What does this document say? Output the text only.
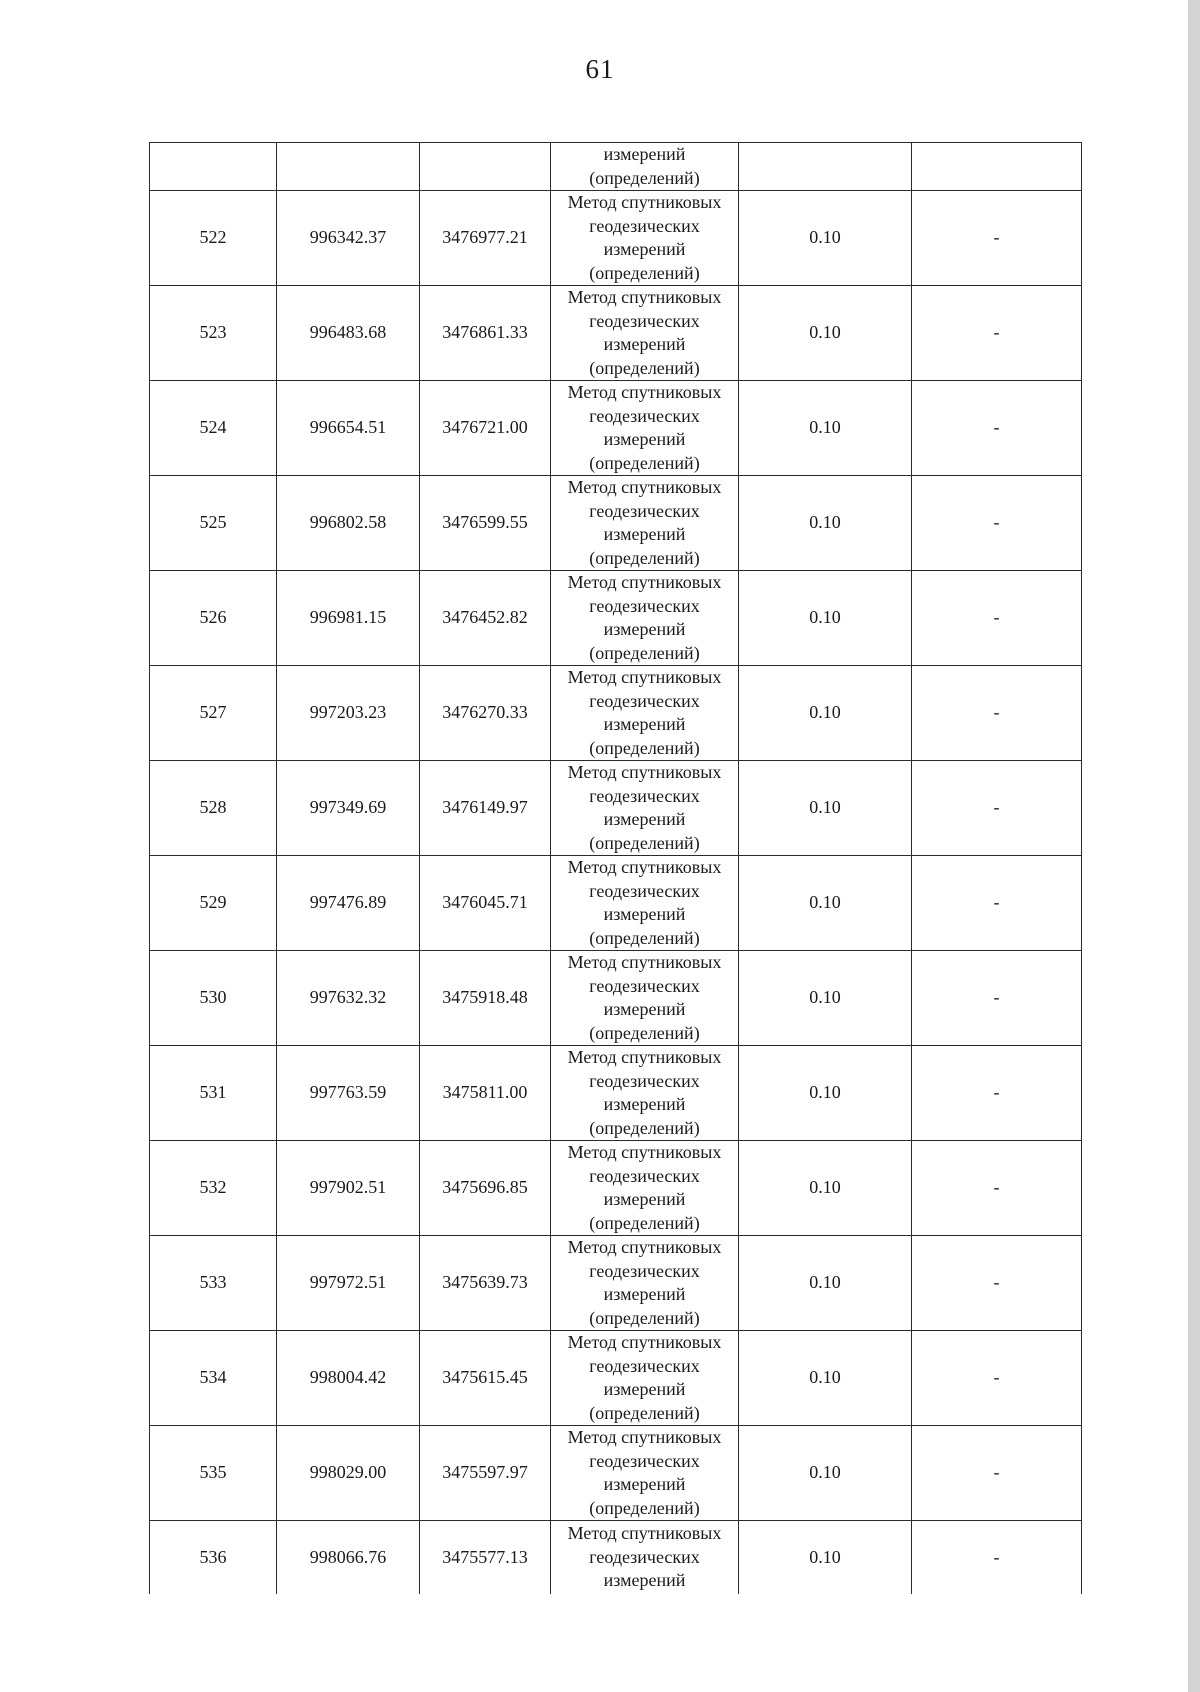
61

			измерений
(определений)		

522	996342.37	3476977.21	Метод спутниковых
геодезических
измерений
(определений)	0.10	-
523	996483.68	3476861.33	Метод спутниковых
геодезических
измерений
(определений)	0.10	-
524	996654.51	3476721.00	Метод спутниковых
геодезических
измерений
(определений)	0.10	-
525	996802.58	3476599.55	Метод спутниковых
геодезических
измерений
(определений)	0.10	-
526	996981.15	3476452.82	Метод спутниковых
геодезических
измерений
(определений)	0.10	-
527	997203.23	3476270.33	Метод спутниковых
геодезических
измерений
(определений)	0.10	-
528	997349.69	3476149.97	Метод спутниковых
геодезических
измерений
(определений)	0.10	-
529	997476.89	3476045.71	Метод спутниковых
геодезических
измерений
(определений)	0.10	-
530	997632.32	3475918.48	Метод спутниковых
геодезических
измерений
(определений)	0.10	-
531	997763.59	3475811.00	Метод спутниковых
геодезических
измерений
(определений)	0.10	-
532	997902.51	3475696.85	Метод спутниковых
геодезических
измерений
(определений)	0.10	-
533	997972.51	3475639.73	Метод спутниковых
геодезических
измерений
(определений)	0.10	-
534	998004.42	3475615.45	Метод спутниковых
геодезических
измерений
(определений)	0.10	-
535	998029.00	3475597.97	Метод спутниковых
геодезических
измерений
(определений)	0.10	-
536	998066.76	3475577.13	Метод спутниковых
геодезических
измерений	0.10	-
